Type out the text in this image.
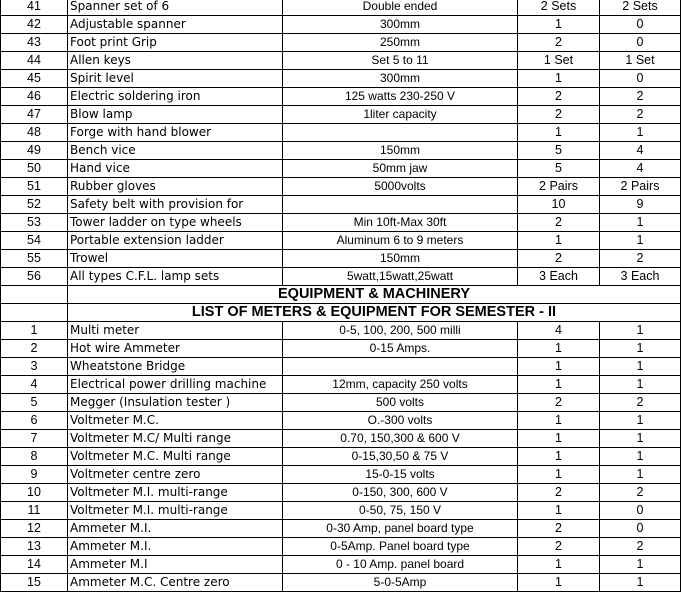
41	Spanner set of 6	Double ended	2 Sets	2 Sets
42	Adjustable spanner	300mm	1	0
43	Foot print Grip	250mm	2	0
44	Allen keys	Set 5 to 11	1 Set	1 Set
45	Spirit level	300mm	1	0
46	Electric soldering iron	125 watts 230-250 V	2	2
47	Blow lamp	1liter capacity	2	2
48	Forge with hand blower		1	1
49	Bench vice	150mm	5	4
50	Hand vice	50mm jaw	5	4
51	Rubber gloves	5000volts	2 Pairs	2 Pairs
52	Safety belt with provision for		10	9
53	Tower ladder on type wheels	Min 10ft-Max 30ft	2	1
54	Portable extension ladder	Aluminum 6 to 9 meters	1	1
55	Trowel	150mm	2	2
56	All types C.F.L. lamp sets	5watt,15watt,25watt	3 Each	3 Each
	EQUIPMENT & MACHINERY			
	LIST OF METERS & EQUIPMENT FOR SEMESTER - II			
1	Multi meter	0-5, 100, 200, 500 milli	4	1
2	Hot wire Ammeter	0-15 Amps.	1	1
3	Wheatstone Bridge		1	1
4	Electrical power drilling machine	12mm, capacity 250 volts	1	1
5	Megger (Insulation tester )	500 volts	2	2
6	Voltmeter M.C.	O.-300 volts	1	1
7	Voltmeter M.C/ Multi range	0.70, 150,300 & 600 V	1	1
8	Voltmeter M.C. Multi range	0-15,30,50 & 75 V	1	1
9	Voltmeter centre zero	15-0-15 volts	1	1
10	Voltmeter M.I. multi-range	0-150, 300, 600 V	2	2
11	Voltmeter M.I. multi-range	0-50, 75, 150 V	1	0
12	Ammeter M.I.	0-30 Amp, panel board type	2	0
13	Ammeter M.I.	0-5Amp. Panel board type	2	2
14	Ammeter M.I	0 - 10 Amp. panel board	1	1
15	Ammeter M.C. Centre zero	5-0-5Amp	1	1
